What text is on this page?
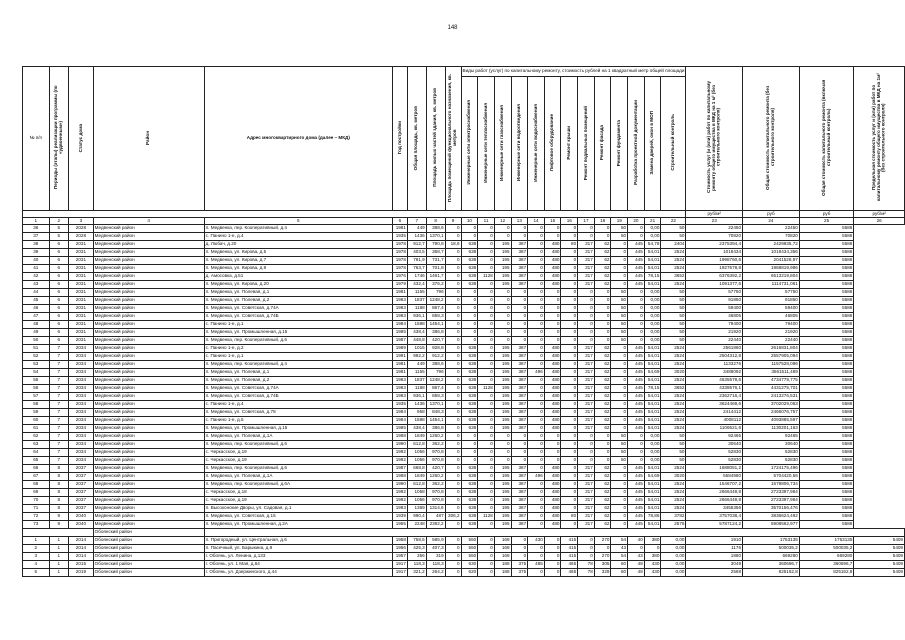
148
№ п/п	Периоды (этапы) реализации программы (по «удвоенным»)	Статус дома	Район	Адрес многоквартирного дома (далее – МКД)	Год постройки	Общая площадь, кв. метров	Площадь жилых частей здания, кв. метров	Площадь помещений функционального назначения, кв. метров	Виды работ (услуг) по капитальному ремонту, стоимость рублей на 1 квадратный метр общей площади													Стоимость услуг (и (или) работ по капитальному ремонту общего имущества в МКД на 1 м² (без строительного контроля)	Общая стоимость капитального ремонта (без строительного контроля)	Общая стоимость капитального ремонта (включая строительный контроль)	Предельная стоимость услуг и (или) работ по капитальному ремонту общего имущества в МКД на 1м² (без строительного контроля)
									Инженерные сети электроснабжения	Инженерные сети теплоснабжения	Инженерные сети газоснабжения	Инженерные сети водоотведения	Инженерные сети водоснабжения	Лифтовое оборудование	Ремонт крыши	Ремонт подвальных помещений	Ремонт фасада	Ремонт фундамента	Разработка проектной документации	Замена дверей, окон в МОП	Строительный контроль				
																						руб/м²	руб	руб	руб/м²
1	2	3	4	5	6	7	8	9	10	11	12	13	14	15	16	17	18	19	20	21	22	23	24	25	26
36	5	2028	Медвенский район	п. Медвенка, пер. Кооперативный, д.4	1981	449	388,6	0	0	0	0	0	0	0	0	0	0	50	0	0,00	50	22450	22450	5586	
37	5	2028	Медвенский район	с. Панино 1-е, д.4	1935	1436	1370,1	0	0	0	0	0	0	0	0	0	0	50	0	0,00	50	70820	70820	5586	
38	6	2031	Медвенский район	д. Любач, д.20	1978	912,7	790,8	18,6	638	0	195	387	0	480	80	317	62	0	445	54,78	2404	2375394,4	2429935,72	5586	
39	6	2031	Медвенский район	п. Медвенка, ул. Кирова, д.5	1978	403,5	368,7	0	638	0	195	387	0	480	0	317	62	0	445	54,01	2524	1018434	1018434,356	5586	
40	6	2031	Медвенский район	п. Медвенка, ул. Кирова, д.7	1978	791,9	731,7	0	638	0	195	387	0	480	0	317	62	0	445	54,01	2524	1998760,6	2041528,97	5586	
41	6	2031	Медвенский район	п. Медвенка, ул. Кирова, д.9	1978	763,7	701,8	0	638	0	195	387	0	480	0	317	62	0	445	54,01	2524	1927578,8	1968819,986	5586	
42	6	2031	Медвенский район	д. Амосовка, д.51	1976	1746	1461,7	0	638	1128	195	387	0	480	0	317	62	0	445	78,15	3652	6376392,2	6513219,804	5586	
43	6	2031	Медвенский район	п. Медвенка, ул. Кирова, д.20	1979	432,4	376,2	0	638	0	195	387	0	480	0	317	62	0	445	54,01	2524	1091377,6	1114731,061	5586	
44	6	2031	Медвенский район	п. Медвенка, ул. Полевая, д.1	1981	1155	796	0	0	0	0	0	0	0	0	0	0	50	0	0,00	50	57750	57750	5586	
45	6	2031	Медвенский район	п. Медвенка, ул. Полевая, д.2	1983	1837	1248,2	0	0	0	0	0	0	0	0	0	0	50	0	0,00	50	91850	91850	5586	
46	6	2031	Медвенский район	п. Медвенка, ул. Советская, д.74А	1983	1188	867,4	0	0	0	0	0	0	0	0	0	0	50	0	0,00	50	59400	59400	5586	
47	6	2031	Медвенский район	п. Медвенка, ул. Советская, д.74Б	1983	936,1	858,3	0	0	0	0	0	0	0	0	0	0	50	0	0,00	50	46805	46805	5586	
48	6	2031	Медвенский район	с. Панино 1-е, д.1	1984	1588	1454,1	0	0	0	0	0	0	0	0	0	0	50	0	0,00	50	79400	79400	5586	
49	6	2031	Медвенский район	п. Медвенка, ул. Промышленная, д.15	1985	438,4	386,8	0	0	0	0	0	0	0	0	0	0	50	0	0,00	50	21920	21920	5586	
50	6	2031	Медвенский район	п. Медвенка, пер. Кооперативный, д.6	1987	448,8	420,7	0	0	0	0	0	0	0	0	0	0	50	0	0,00	50	22440	22440	5586	
51	7	2034	Медвенский район	с. Панино 1-е, д.2	1989	1015	928,8	0	638	0	195	387	0	480	0	317	62	0	445	54,01	2524	2561860	2616831,804	5586	
52	7	2034	Медвенский район	с. Панино 1-е, д.1	1991	992,2	912,2	0	638	0	195	387	0	480	0	317	62	0	445	54,01	2524	2504312,8	2557905,094	5586	
53	7	2034	Медвенский район	п. Медвенка, пер. Кооперативный, д.4	1981	449	388,6	0	638	0	195	387	0	480	0	317	62	0	445	54,01	2524	1133276	1157528,096	5586	
54	7	2034	Медвенский район	п. Медвенка, ул. Полевая, д.1	1981	1155	796	0	638	0	195	387	496	480	0	317	62	0	445	54,69	3020	3488092	3561511,489	5586	
55	7	2034	Медвенский район	п. Медвенка, ул. Полевая, д.2	1983	1837	1248,2	0	638	0	195	387	0	480	0	317	62	0	445	54,01	2524	4635578,6	4734779,775	5586	
56	7	2034	Медвенский район	п. Медвенка, ул. Советская, д.74А	1983	1188	867,4	0	638	1128	195	387	0	480	0	317	62	0	445	78,15	3652	4338576,1	4431275,701	5586	
57	7	2034	Медвенский район	п. Медвенка, ул. Советская, д.74Б	1983	936,1	858,3	0	638	0	195	387	0	480	0	317	62	0	445	54,01	2524	2362716,4	2413276,531	5586	
58	7	2034	Медвенский район	с. Панино 1-е, д.4	1935	1436	1370,1	0	638	0	195	387	0	480	0	317	62	0	445	54,01	2524	3624469,6	3702029,053	5586	
59	7	2034	Медвенский район	п. Медвенка, ул. Советская, д.78	1984	958	848,3	0	638	0	195	387	0	480	0	317	62	0	445	54,01	2524	2414412	2466076,757	5586	
60	7	2034	Медвенский район	с. Панино 1-е, д.5	1984	1588	1454,1	0	638	0	195	387	0	480	0	317	62	0	445	54,01	2524	4008112	4093885,597	5586	
61	7	2034	Медвенский район	п. Медвенка, ул. Промышленная, д.15	1985	438,4	386,8	0	638	0	195	387	0	480	0	317	62	0	445	54,01	2524	1106521,6	1130201,163	5586	
62	7	2034	Медвенский район	п. Медвенка, ул. Полевая, д.1А	1988	1849	1260,2	0	0	0	0	0	0	0	0	0	0	50	0	0,00	50	92465	92465	5586	
63	7	2034	Медвенский район	п. Медвенка, пер. Кооперативный, д.6	1990	612,8	362,2	0	0	0	0	0	0	0	0	0	0	50	0	0,00	50	30640	30640	5586	
64	7	2034	Медвенский район	с. Черкасское, д.19	1992	1056	970,8	0	0	0	0	0	0	0	0	0	0	50	0	0,00	50	52830	52830	5586	
65	7	2034	Медвенский район	с. Черкасское, д.19	1992	1056	970,8	0	0	0	0	0	0	0	0	0	0	50	0	0,00	50	52830	52830	5586	
66	8	2037	Медвенский район	п. Медвенка, пер. Кооперативный, д.6	1987	668,8	420,7	0	638	0	195	387	0	480	0	317	62	0	445	54,01	2524	1688051,2	1724175,496	5586	
67	8	2037	Медвенский район	п. Медвенка, ул. Полевая, д.1А	1988	1849	1260,2	0	638	0	195	387	496	480	0	317	62	0	445	54,69	3020	5584980	5704420,56	5586	
68	8	2037	Медвенский район	п. Медвенка, пер. Кооперативный, д.6А	1990	612,8	362,2	0	638	0	195	387	0	480	0	317	62	0	445	54,01	2524	1546707,2	1579806,734	5586	
69	8	2037	Медвенский район	с. Черкасское, д.18	1992	1058	970,8	0	638	0	195	387	0	480	0	317	62	0	445	54,01	2524	2666449,8	2723397,964	5586	
70	8	2037	Медвенский район	с. Черкасское, д.19	1992	1056	970,8	0	638	0	195	387	0	480	0	317	62	0	445	54,01	2524	2666449,8	2723397,964	5586	
71	8	2037	Медвенский район	п. Высоконские Дворы, ул. Садовая, д.1	1993	1369	1314,6	0	638	0	195	387	0	480	0	317	62	0	445	54,01	2524	3455356	3570156,476	5586	
72	9	2040	Медвенский район	п. Медвенка, ул. Советская, д.15	1939	990,4	487	306,2	638	1128	195	387	0	480	80	317	62	0	445	78,86	3782	3757038,4	3836624,492	5586	
73	9	2040	Медвенский район	п. Медвенка, ул. Промышленная, д.2А	1955	2248	2392,2	0	638	0	195	387	0	480	0	317	62	0	445	54,01	2576	5787124,2	5908562,977	5586	
			Обоянский район																						
1	1	2014	Обоянский район	п. Пригородный, ул. Центральная, д.6	1958	758,5	585,9	0	550	0	168	0	430	0	415	0	270	54	40	380	0,00	1910	1753135	1753135	5409
2	1	2014	Обоянский район	п. Пасечный, ул. Барыкина, д.9	1956	425,3	407,3	0	550	0	168	0	0	0	415	0	0	43	0	0	0,00	1176	500035,2	500035,2	5409
3	1	2014	Обоянский район	г. Обоянь, ул. Ленина, д.133	1957	356	319	0	550	0	168	0	0	0	415	0	270	54	43	380	0,00	1880	669280	669280	5409
4	1	2015	Обоянский район	г. Обоянь, ул. 1 Мая, д.64	1917	118,3	118,3	0	630	0	188	375	485	0	465	78	305	60	48	430	0,00	3049	360696,7	360696,7	5409
5	1	2019	Обоянский район	г. Обоянь, ул. Дзержинского, д.44	1917	321,2	264,2	0	620	0	188	375	0	0	465	78	329	60	48	430	0,00	2568	825162,8	825162,8	5409
